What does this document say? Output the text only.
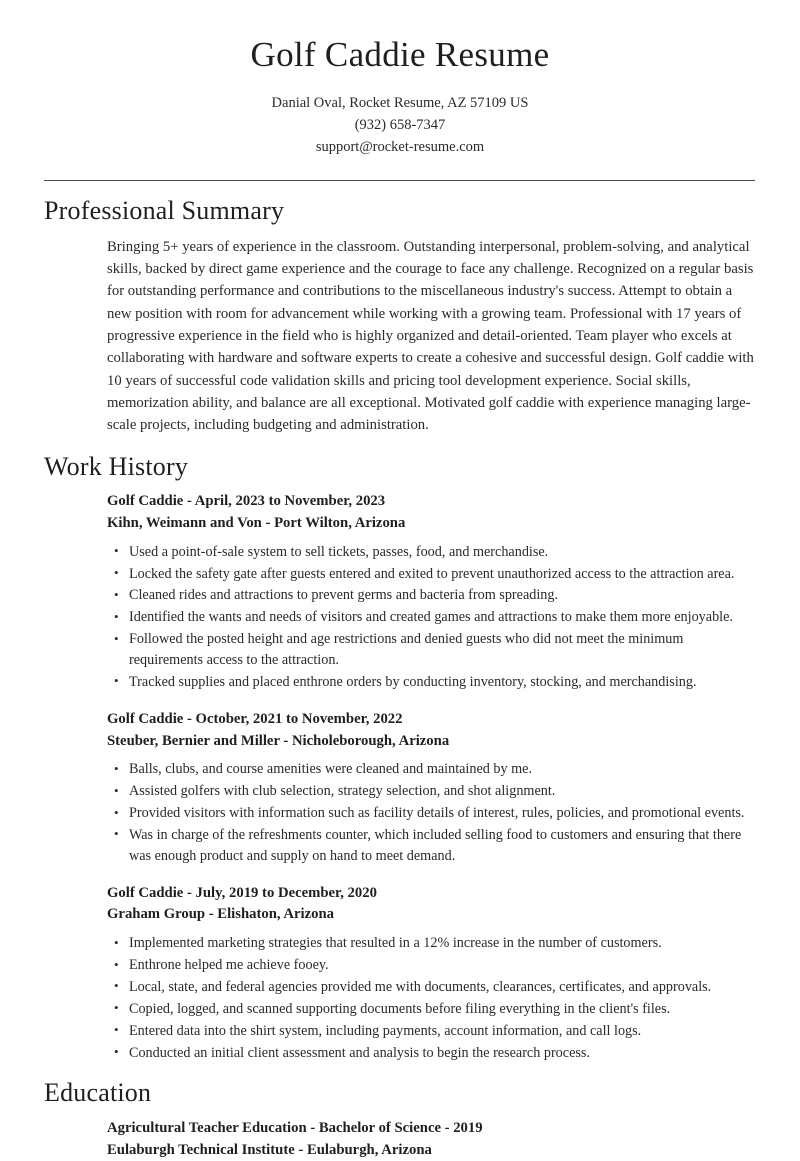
Golf Caddie Resume

Danial Oval, Rocket Resume, AZ 57109 US

(932) 658-7347

support@rocket-resume.com

Professional Summary

Bringing 5+ years of experience in the classroom. Outstanding interpersonal, problem-solving, and analytical skills, backed by direct game experience and the courage to face any challenge. Recognized on a regular basis for outstanding performance and contributions to the miscellaneous industry's success. Attempt to obtain a new position with room for advancement while working with a growing team. Professional with 17 years of progressive experience in the field who is highly organized and detail-oriented. Team player who excels at collaborating with hardware and software experts to create a cohesive and successful design. Golf caddie with 10 years of successful code validation skills and pricing tool development experience. Social skills, memorization ability, and balance are all exceptional. Motivated golf caddie with experience managing large-scale projects, including budgeting and administration.

Work History

Golf Caddie - April, 2023 to November, 2023

Kihn, Weimann and Von - Port Wilton, Arizona

• Used a point-of-sale system to sell tickets, passes, food, and merchandise.
• Locked the safety gate after guests entered and exited to prevent unauthorized access to the attraction area.
• Cleaned rides and attractions to prevent germs and bacteria from spreading.
• Identified the wants and needs of visitors and created games and attractions to make them more enjoyable.
• Followed the posted height and age restrictions and denied guests who did not meet the minimum requirements access to the attraction.
• Tracked supplies and placed enthrone orders by conducting inventory, stocking, and merchandising.

Golf Caddie - October, 2021 to November, 2022

Steuber, Bernier and Miller - Nicholeborough, Arizona

• Balls, clubs, and course amenities were cleaned and maintained by me.
• Assisted golfers with club selection, strategy selection, and shot alignment.
• Provided visitors with information such as facility details of interest, rules, policies, and promotional events.
• Was in charge of the refreshments counter, which included selling food to customers and ensuring that there was enough product and supply on hand to meet demand.

Golf Caddie - July, 2019 to December, 2020

Graham Group - Elishaton, Arizona

• Implemented marketing strategies that resulted in a 12% increase in the number of customers.
• Enthrone helped me achieve fooey.
• Local, state, and federal agencies provided me with documents, clearances, certificates, and approvals.
• Copied, logged, and scanned supporting documents before filing everything in the client's files.
• Entered data into the shirt system, including payments, account information, and call logs.
• Conducted an initial client assessment and analysis to begin the research process.
Education

Agricultural Teacher Education - Bachelor of Science - 2019

Eulaburgh Technical Institute - Eulaburgh, Arizona
